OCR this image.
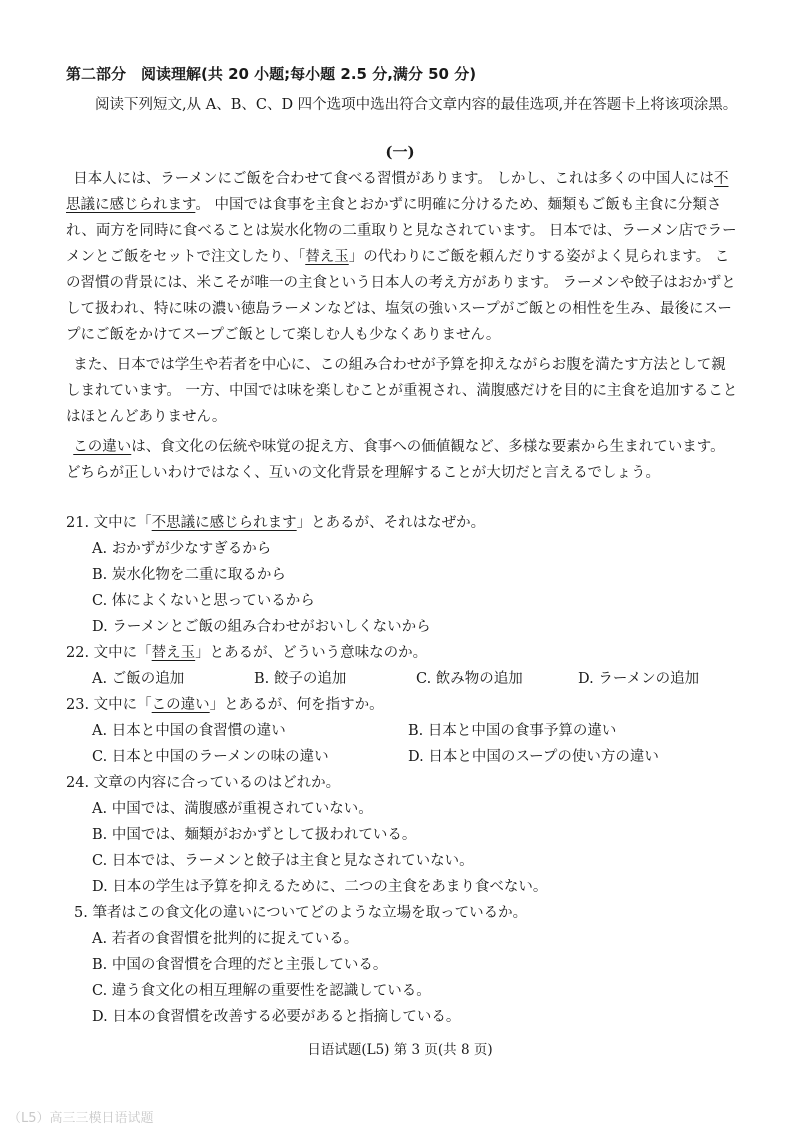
第二部分　阅读理解(共 20 小题;每小题 2.5 分,满分 50 分)
阅读下列短文,从 A、B、C、D 四个选项中选出符合文章内容的最佳选项,并在答题卡上将该项涂黑。
(一)

日本人には、ラーメンにご飯を合わせて食べる習慣があります。 しかし、これは多くの中国人には不思議に感じられます。 中国では食事を主食とおかずに明確に分けるため、麺類もご飯も主食に分類され、両方を同時に食べることは炭水化物の二重取りと見なされています。 日本では、ラーメン店でラーメンとご飯をセットで注文したり、「替え玉」の代わりにご飯を頼んだりする姿がよく見られます。 この習慣の背景には、米こそが唯一の主食という日本人の考え方があります。 ラーメンや餃子はおかずとして扱われ、特に味の濃い徳島ラーメンなどは、塩気の強いスープがご飯との相性を生み、最後にスープにご飯をかけてスープご飯として楽しむ人も少なくありません。

また、日本では学生や若者を中心に、この組み合わせが予算を抑えながらお腹を満たす方法として親しまれています。 一方、中国では味を楽しむことが重視され、満腹感だけを目的に主食を追加することはほとんどありません。

この違いは、食文化の伝統や味覚の捉え方、食事への価値観など、多様な要素から生まれています。 どちらが正しいわけではなく、互いの文化背景を理解することが大切だと言えるでしょう。

21. 文中に「不思議に感じられます」とあるが、それはなぜか。
A. おかずが少なすぎるから
B. 炭水化物を二重に取るから
C. 体によくないと思っているから
D. ラーメンとご飯の組み合わせがおいしくないから
22. 文中に「替え玉」とあるが、どういう意味なのか。
A. ご飯の追加	B. 餃子の追加	C. 飲み物の追加	D. ラーメンの追加
23. 文中に「この違い」とあるが、何を指すか。
A. 日本と中国の食習慣の違い	B. 日本と中国の食事予算の違い
C. 日本と中国のラーメンの味の違い	D. 日本と中国のスープの使い方の違い
24. 文章の内容に合っているのはどれか。
A. 中国では、満腹感が重視されていない。
B. 中国では、麺類がおかずとして扱われている。
C. 日本では、ラーメンと餃子は主食と見なされていない。
D. 日本の学生は予算を抑えるために、二つの主食をあまり食べない。
5. 筆者はこの食文化の違いについてどのような立場を取っているか。
A. 若者の食習慣を批判的に捉えている。
B. 中国の食習慣を合理的だと主張している。
C. 違う食文化の相互理解の重要性を認識している。
D. 日本の食習慣を改善する必要があると指摘している。
日语试题(L5) 第 3 页(共 8 页)
（L5）高三三模日语试题
